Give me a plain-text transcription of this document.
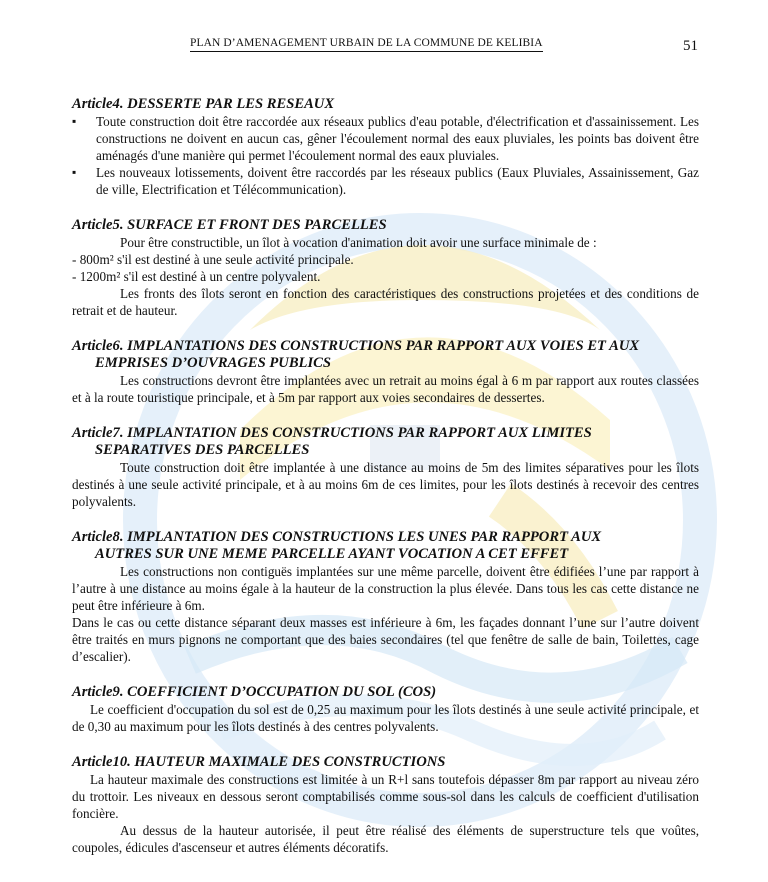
PLAN D’AMENAGEMENT URBAIN DE LA COMMUNE DE KELIBIA	51
Article4. DESSERTE PAR LES RESEAUX
▪ Toute construction doit être raccordée aux réseaux publics d'eau potable, d'électrification et d'assainissement. Les constructions ne doivent en aucun cas, gêner l'écoulement normal des eaux pluviales, les points bas doivent être aménagés d'une manière qui permet l'écoulement normal des eaux pluviales.
▪ Les nouveaux lotissements, doivent être raccordés par les réseaux publics (Eaux Pluviales, Assainissement, Gaz de ville, Electrification et Télécommunication).
Article5. SURFACE ET FRONT DES PARCELLES

Pour être constructible, un îlot à vocation d'animation doit avoir une surface minimale de :

- 800m² s'il est destiné à une seule activité principale.

- 1200m² s'il est destiné à un centre polyvalent.

Les fronts des îlots seront en fonction des caractéristiques des constructions projetées et des conditions de retrait et de hauteur.

Article6. IMPLANTATIONS DES CONSTRUCTIONS PAR RAPPORT AUX VOIES ET AUX
EMPRISES D’OUVRAGES PUBLICS

Les constructions devront être implantées avec un retrait au moins égal à 6 m par rapport aux routes classées et à la route touristique principale, et à 5m par rapport aux voies secondaires de dessertes.

Article7. IMPLANTATION DES CONSTRUCTIONS PAR RAPPORT AUX LIMITES
SEPARATIVES DES PARCELLES

Toute construction doit être implantée à une distance au moins de 5m des limites séparatives pour les îlots destinés à une seule activité principale, et à au moins 6m de ces limites, pour les îlots destinés à recevoir des centres polyvalents.

Article8. IMPLANTATION DES CONSTRUCTIONS LES UNES PAR RAPPORT AUX
AUTRES SUR UNE MEME PARCELLE AYANT VOCATION A CET EFFET

Les constructions non contiguës implantées sur une même parcelle, doivent être édifiées l’une par rapport à l’autre à une distance au moins égale à la hauteur de la construction la plus élevée. Dans tous les cas cette distance ne peut être inférieure à 6m.

Dans le cas ou cette distance séparant deux masses est inférieure à 6m, les façades donnant l’une sur l’autre doivent être traités en murs pignons ne comportant que des baies secondaires (tel que fenêtre de salle de bain, Toilettes, cage d’escalier).

Article9. COEFFICIENT D’OCCUPATION DU SOL (COS)

Le coefficient d'occupation du sol est de 0,25 au maximum pour les îlots destinés à une seule activité principale, et de 0,30 au maximum pour les îlots destinés à des centres polyvalents.

Article10. HAUTEUR MAXIMALE DES CONSTRUCTIONS

La hauteur maximale des constructions est limitée à un R+l sans toutefois dépasser 8m par rapport au niveau zéro du trottoir. Les niveaux en dessous seront comptabilisés comme sous-sol dans les calculs de coefficient d'utilisation foncière.

Au dessus de la hauteur autorisée, il peut être réalisé des éléments de superstructure tels que voûtes, coupoles, édicules d'ascenseur et autres éléments décoratifs.
